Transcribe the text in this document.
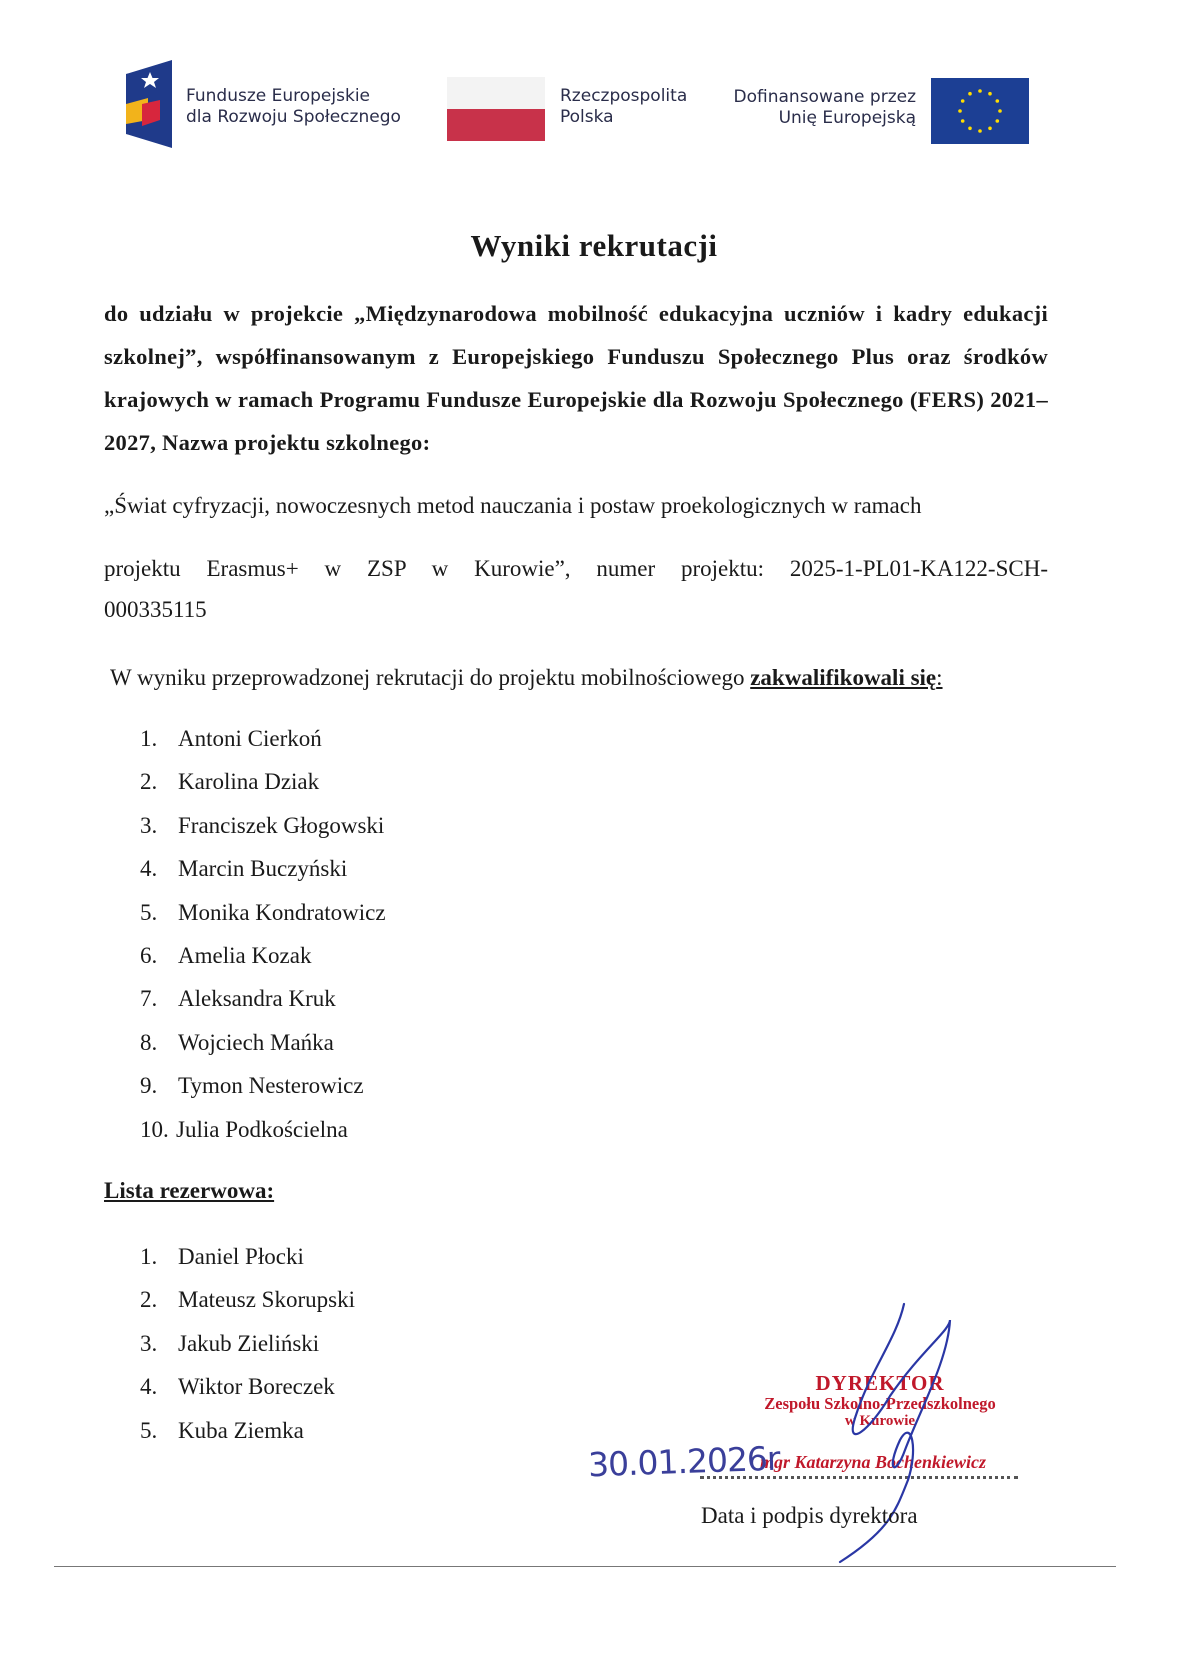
Fundusze Europejskie
dla Rozwoju Społecznego
Rzeczpospolita
Polska
Dofinansowane przez
Unię Europejską
Wyniki rekrutacji

do udziału w projekcie „Międzynarodowa mobilność edukacyjna uczniów i kadry edukacji szkolnej”, współfinansowanym z Europejskiego Funduszu Społecznego Plus oraz środków krajowych w ramach Programu Fundusze Europejskie dla Rozwoju Społecznego (FERS) 2021–2027, Nazwa projektu szkolnego:

„Świat cyfryzacji, nowoczesnych metod nauczania i postaw proekologicznych w ramach

projektu Erasmus+ w ZSP w Kurowie”, numer projektu: 2025-1-PL01-KA122-SCH-

000335115

W wyniku przeprowadzonej rekrutacji do projektu mobilnościowego zakwalifikowali się:

1. Antoni Cierkoń
2. Karolina Dziak
3. Franciszek Głogowski
4. Marcin Buczyński
5. Monika Kondratowicz
6. Amelia Kozak
7. Aleksandra Kruk
8. Wojciech Mańka
9. Tymon Nesterowicz
10. Julia Podkościelna

Lista rezerwowa:

1. Daniel Płocki
2. Mateusz Skorupski
3. Jakub Zieliński
4. Wiktor Boreczek
5. Kuba Ziemka
DYREKTOR
Zespołu Szkolno-Przedszkolnego
w Kurowie
mgr Katarzyna Bochenkiewicz
30.01.2026r
Data i podpis dyrektora
